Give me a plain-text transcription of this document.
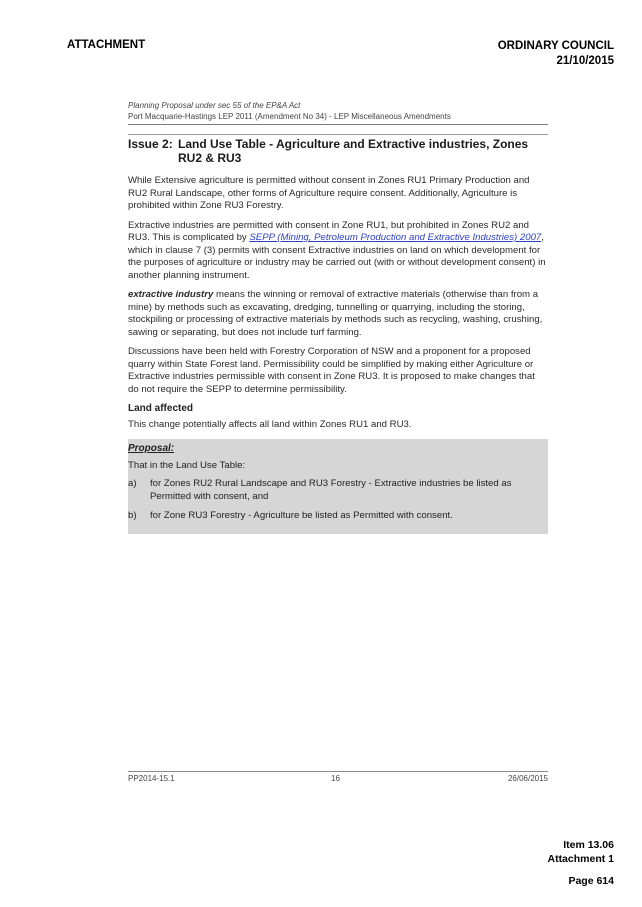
ATTACHMENT	ORDINARY COUNCIL
21/10/2015
Planning Proposal under sec 55 of the EP&A Act
Port Macquarie-Hastings LEP 2011 (Amendment No 34) - LEP Miscellaneous Amendments
Issue 2: Land Use Table - Agriculture and Extractive industries, Zones RU2 & RU3

While Extensive agriculture is permitted without consent in Zones RU1 Primary Production and RU2 Rural Landscape, other forms of Agriculture require consent. Additionally, Agriculture is prohibited within Zone RU3 Forestry.

Extractive industries are permitted with consent in Zone RU1, but prohibited in Zones RU2 and RU3. This is complicated by SEPP (Mining, Petroleum Production and Extractive Industries) 2007, which in clause 7 (3) permits with consent Extractive industries on land on which development for the purposes of agriculture or industry may be carried out (with or without development consent) in another planning instrument.

extractive industry means the winning or removal of extractive materials (otherwise than from a mine) by methods such as excavating, dredging, tunnelling or quarrying, including the storing, stockpiling or processing of extractive materials by methods such as recycling, washing, crushing, sawing or separating, but does not include turf farming.

Discussions have been held with Forestry Corporation of NSW and a proponent for a proposed quarry within State Forest land. Permissibility could be simplified by making either Agriculture or Extractive industries permissible with consent in Zone RU3. It is proposed to make changes that do not require the SEPP to determine permissibility.

Land affected

This change potentially affects all land within Zones RU1 and RU3.

Proposal:

That in the Land Use Table:

a)	for Zones RU2 Rural Landscape and RU3 Forestry - Extractive industries be listed as Permitted with consent, and
b)	for Zone RU3 Forestry - Agriculture be listed as Permitted with consent.
PP2014-15.1	16	26/06/2015
Item 13.06
Attachment 1
Page 614
